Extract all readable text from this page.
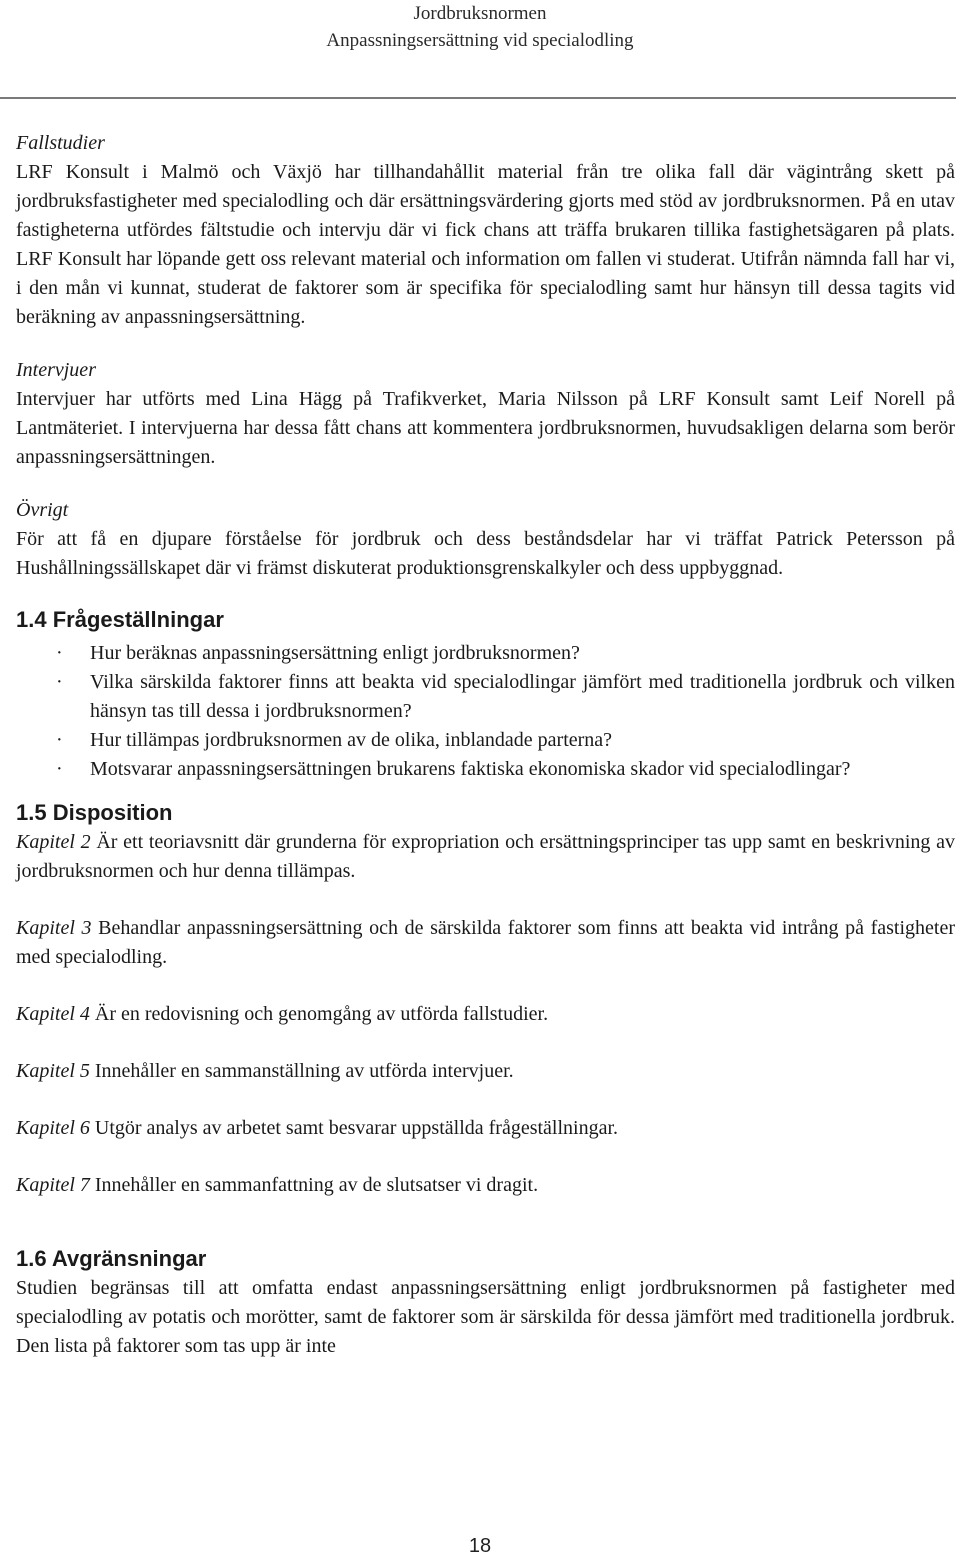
Jordbruksnormen
Anpassningsersättning vid specialodling

Fallstudier

LRF Konsult i Malmö och Växjö har tillhandahållit material från tre olika fall där vägintrång skett på jordbruksfastigheter med specialodling och där ersättningsvärdering gjorts med stöd av jordbruksnormen. På en utav fastigheterna utfördes fältstudie och intervju där vi fick chans att träffa brukaren tillika fastighetsägaren på plats. LRF Konsult har löpande gett oss relevant material och information om fallen vi studerat. Utifrån nämnda fall har vi, i den mån vi kunnat, studerat de faktorer som är specifika för specialodling samt hur hänsyn till dessa tagits vid beräkning av anpassningsersättning.

Intervjuer

Intervjuer har utförts med Lina Hägg på Trafikverket, Maria Nilsson på LRF Konsult samt Leif Norell på Lantmäteriet. I intervjuerna har dessa fått chans att kommentera jordbruksnormen, huvudsakligen delarna som berör anpassningsersättningen.

Övrigt

För att få en djupare förståelse för jordbruk och dess beståndsdelar har vi träffat Patrick Petersson på Hushållningssällskapet där vi främst diskuterat produktionsgrenskalkyler och dess uppbyggnad.

1.4 Frågeställningar
· Hur beräknas anpassningsersättning enligt jordbruksnormen?
· Vilka särskilda faktorer finns att beakta vid specialodlingar jämfört med traditionella jordbruk och vilken hänsyn tas till dessa i jordbruksnormen?
· Hur tillämpas jordbruksnormen av de olika, inblandade parterna?
· Motsvarar anpassningsersättningen brukarens faktiska ekonomiska skador vid specialodlingar?
1.5 Disposition

Kapitel 2 Är ett teoriavsnitt där grunderna för expropriation och ersättningsprinciper tas upp samt en beskrivning av jordbruksnormen och hur denna tillämpas.

Kapitel 3 Behandlar anpassningsersättning och de särskilda faktorer som finns att beakta vid intrång på fastigheter med specialodling.

Kapitel 4 Är en redovisning och genomgång av utförda fallstudier.

Kapitel 5 Innehåller en sammanställning av utförda intervjuer.

Kapitel 6 Utgör analys av arbetet samt besvarar uppställda frågeställningar.

Kapitel 7 Innehåller en sammanfattning av de slutsatser vi dragit.

1.6 Avgränsningar

Studien begränsas till att omfatta endast anpassningsersättning enligt jordbruksnormen på fastigheter med specialodling av potatis och morötter, samt de faktorer som är särskilda för dessa jämfört med traditionella jordbruk. Den lista på faktorer som tas upp är inte

18
